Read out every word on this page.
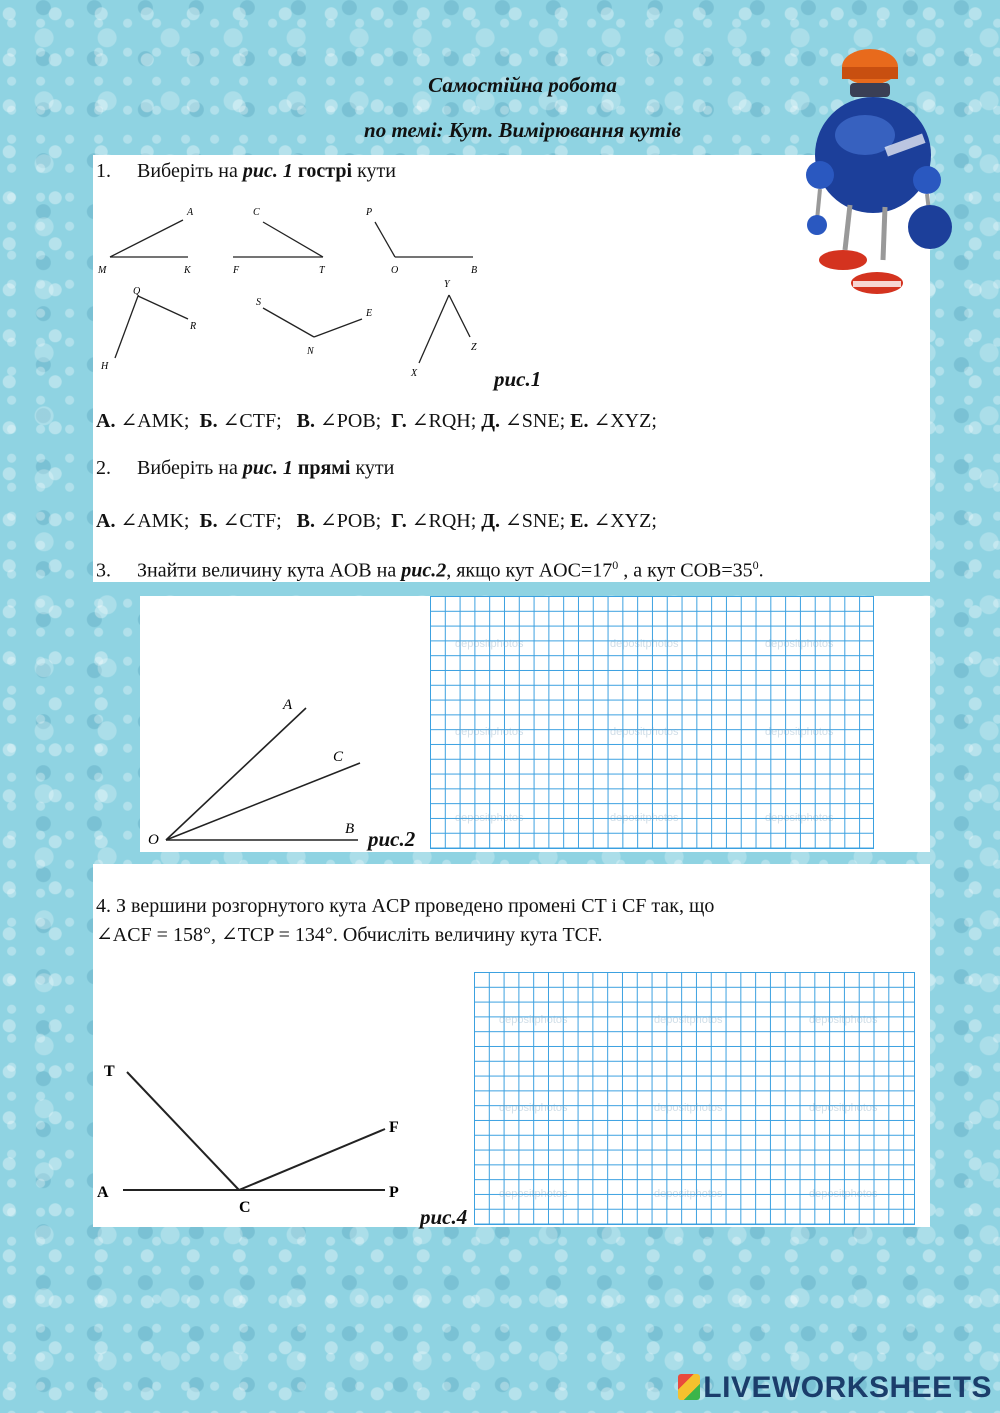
Самостійна робота
по темі: Кут. Вимірювання кутів
1. Виберіть на рис. 1 гострі кути
A
M	K
C
F	T
P
O	B
Q
R
H
S
E
N
Y
Z
X	рис.1
А. ∠AMK; Б. ∠CTF; В. ∠POB; Г. ∠RQH; Д. ∠SNE; Е. ∠XYZ;
2. Виберіть на рис. 1 прямі кути
А. ∠AMK; Б. ∠CTF; В. ∠POB; Г. ∠RQH; Д. ∠SNE; Е. ∠XYZ;
3. Знайти величину кута AOB на рис.2, якщо кут $AOC=17^0$ , а кут $COB=35^0$.
A
C
B
O	рис.2
depositphotos	depositphotos	depositphotos
depositphotos	depositphotos	depositphotos
depositphotos	depositphotos	depositphotos
4. З вершини розгорнутого кута ACP проведено промені CT і CF так, що
∠ACF = 158°, ∠TCP = 134°. Обчисліть величину кута TCF.
T
F
A
C
P
рис.4
depositphotos	depositphotos	depositphotos
depositphotos	depositphotos	depositphotos
depositphotos	depositphotos	depositphotos
LIVEWORKSHEETS
